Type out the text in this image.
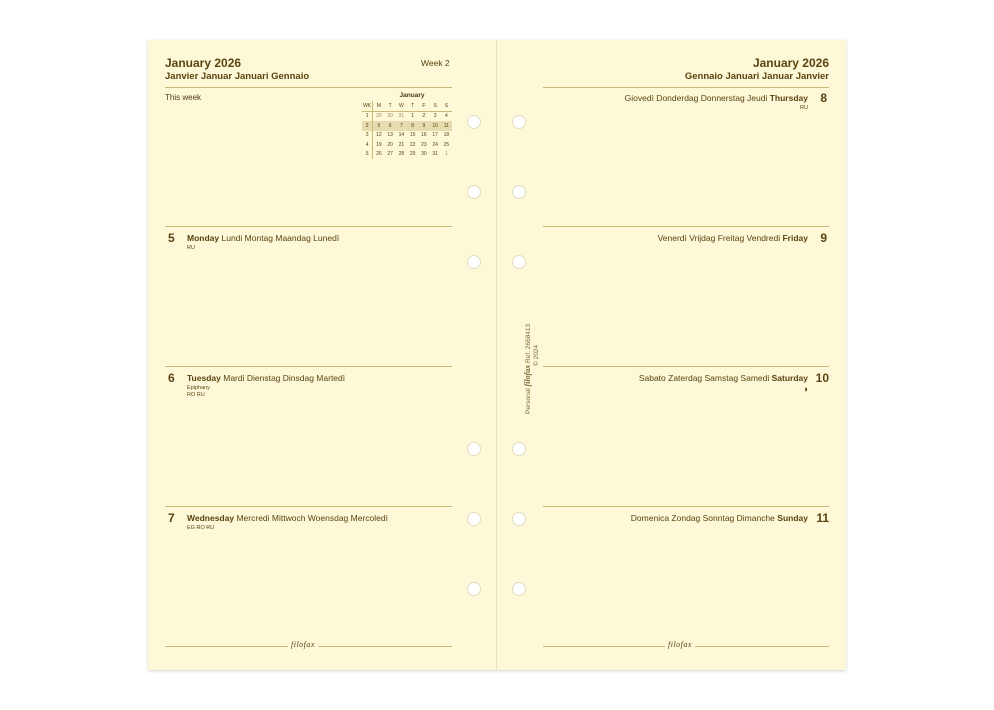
January 2026
Janvier Januar Januari Gennaio
Week 2
This week	January
WK	M	T	W	T	F	S	S
1	29	30	31	1	2	3	4
2	5	6	7	8	9	10	11
3	12	13	14	15	16	17	18
4	19	20	21	22	23	24	25
5	26	27	28	29	30	31	1
5 Monday Lundi Montag Maandag Lunedì
RU
6 Tuesday Mardi Dienstag Dinsdag Martedì
Epiphany
RO RU
7 Wednesday Mercredi Mittwoch Woensdag Mercoledì
EG RO RU
filofax
January 2026
Gennaio Januari Januar Janvier
8
Giovedì Donderdag Donnerstag Jeudi Thursday
RU
9
Venerdì Vrijdag Freitag Vendredi Friday
10
Sabato Zaterdag Samstag Samedi Saturday
◑
11
Domenica Zondag Sonntag Dimanche Sunday
filofax
Personal filofax Ref. 2668413 © 2024
